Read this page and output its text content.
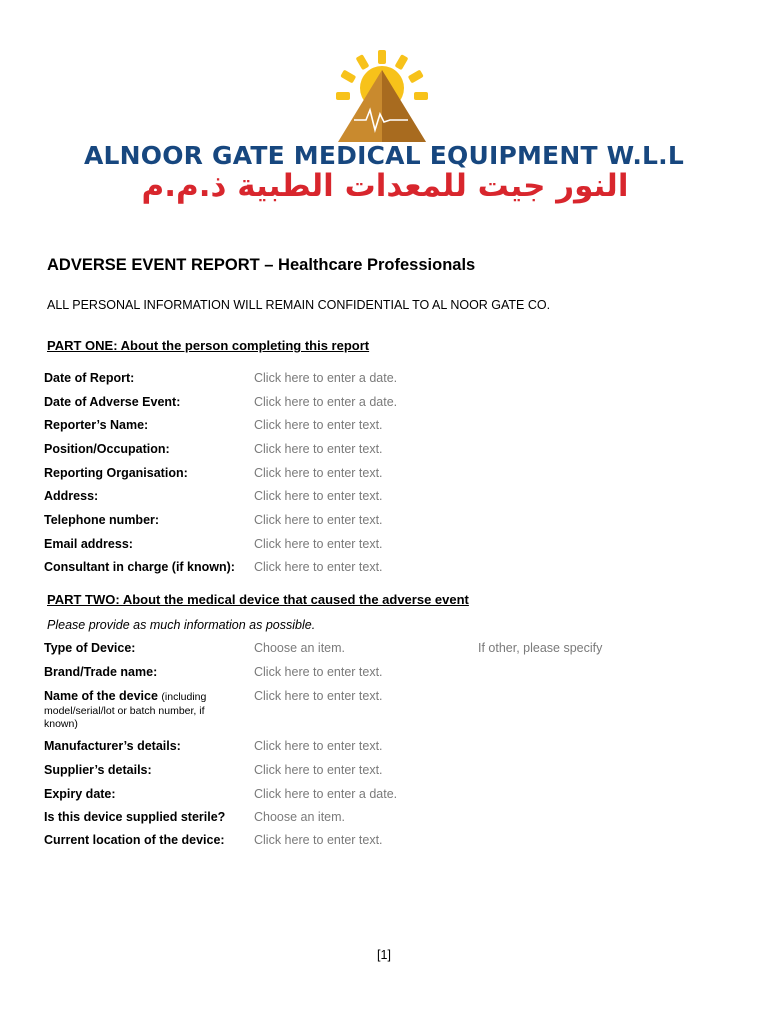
ALNOOR GATE MEDICAL EQUIPMENT W.L.L
النور جيت للمعدات الطبية ذ.م.م
ADVERSE EVENT REPORT – Healthcare Professionals
ALL PERSONAL INFORMATION WILL REMAIN CONFIDENTIAL TO AL NOOR GATE CO.
PART ONE: About the person completing this report
Date of Report:	Click here to enter a date.
Date of Adverse Event:	Click here to enter a date.
Reporter’s Name:	Click here to enter text.
Position/Occupation:	Click here to enter text.
Reporting Organisation:	Click here to enter text.
Address:	Click here to enter text.
Telephone number:	Click here to enter text.
Email address:	Click here to enter text.
Consultant in charge (if known): Click here to enter text.
PART TWO: About the medical device that caused the adverse event
Please provide as much information as possible.
Type of Device:	Choose an item.	If other, please specify
Brand/Trade name:	Click here to enter text.
Name of the device (including
model/serial/lot or batch number, if
known)
Click here to enter text.
Manufacturer’s details:	Click here to enter text.
Supplier’s details:	Click here to enter text.
Expiry date:	Click here to enter a date.
Is this device supplied sterile? Choose an item.
Current location of the device: Click here to enter text.
[1]
